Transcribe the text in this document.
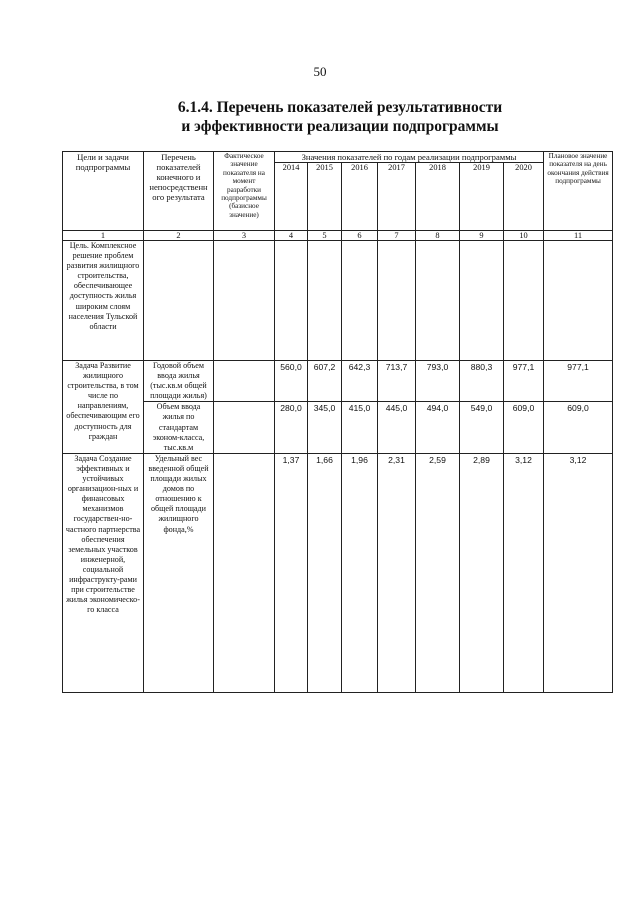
50
6.1.4. Перечень показателей результативности
и эффективности реализации подпрограммы
Цели и задачи подпрограммы	Перечень показателей конечного и непосредственн ого результата	Фактическое значение показателя на момент разработки подпрограммы (базисное значение)	Значения показателей по годам реализации подпрограммы							Плановое значение показателя на день окончания действия подпрограммы
			2014	2015	2016	2017	2018	2019	2020	
1	2	3	4	5	6	7	8	9	10	11
Цель. Комплексное решение проблем развития жилищного строительства, обеспечивающее доступность жилья широким слоям населения Тульской области										
Задача Развитие жилищного строительства, в том числе по направлениям, обеспечивающим его доступность для граждан	Годовой объем ввода жилья (тыс.кв.м общей площади жилья)		560,0	607,2	642,3	713,7	793,0	880,3	977,1	977,1
	Объем ввода жилья по стандартам эконом-класса, тыс.кв.м		280,0	345,0	415,0	445,0	494,0	549,0	609,0	609,0
Задача Создание эффективных и устойчивых организацион-ных и финансовых механизмов государствен-но-частного партнерства обеспечения земельных участков инженерной, социальной инфраструкту-рами при строительстве жилья экономическо-го класса	Удельный вес введенной общей площади жилых домов по отношению к общей площади жилищного фонда,%		1,37	1,66	1,96	2,31	2,59	2,89	3,12	3,12
